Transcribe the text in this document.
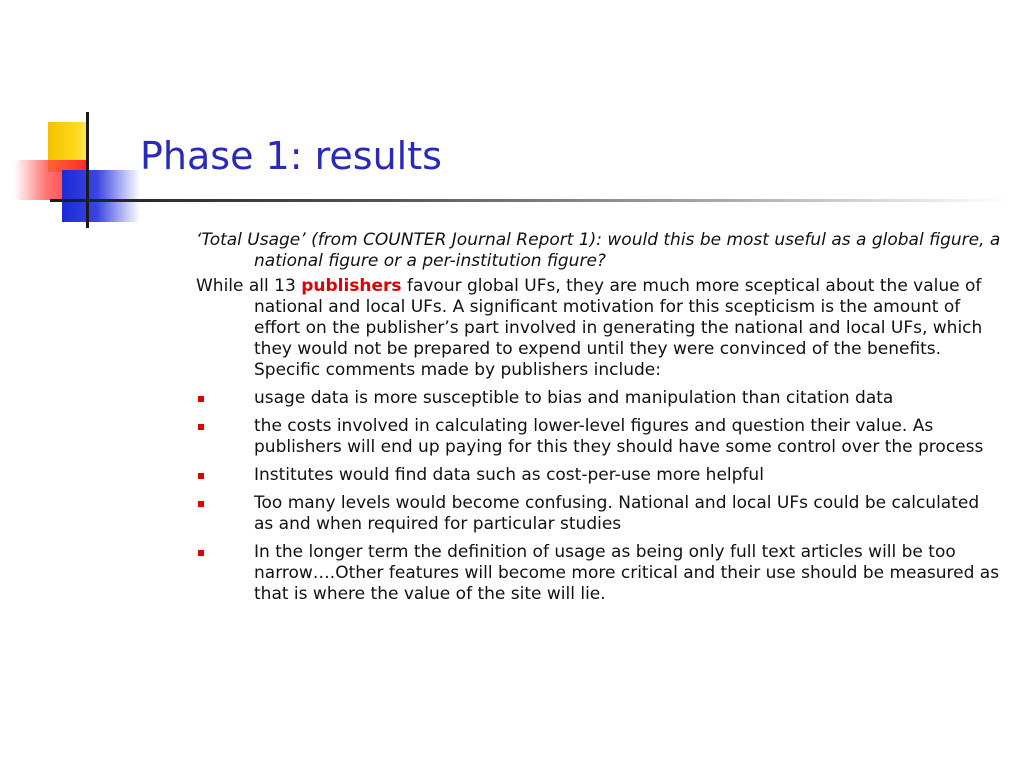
Phase 1: results

‘Total Usage’ (from COUNTER Journal Report 1): would this be most useful as a global figure, a national figure or a per-institution figure?

While all 13 publishers favour global UFs, they are much more sceptical about the value of national and local UFs. A significant motivation for this scepticism is the amount of effort on the publisher’s part involved in generating the national and local UFs, which they would not be prepared to expend until they were convinced of the benefits. Specific comments made by publishers include:

usage data is more susceptible to bias and manipulation than citation data
the costs involved in calculating lower-level figures and question their value. As publishers will end up paying for this they should have some control over the process
Institutes would find data such as cost-per-use more helpful
Too many levels would become confusing. National and local UFs could be calculated as and when required for particular studies
In the longer term the definition of usage as being only full text articles will be too narrow….Other features will become more critical and their use should be measured as that is where the value of the site will lie.
